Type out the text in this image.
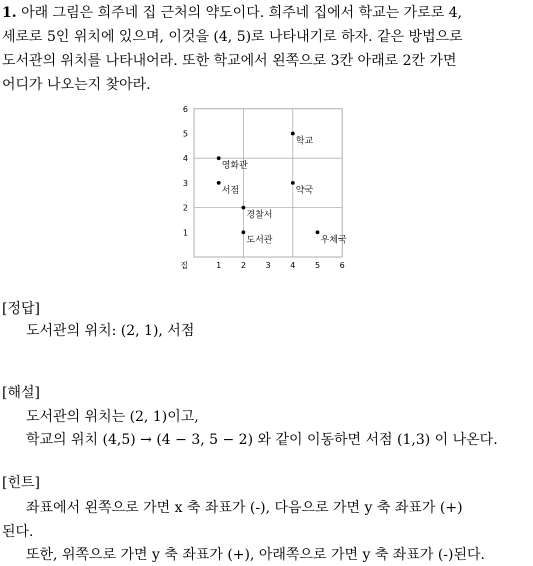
1. 아래 그림은 희주네 집 근처의 약도이다. 희주네 집에서 학교는 가로로 4,
세로로 5인 위치에 있으며, 이것을 (4, 5)로 나타내기로 하자. 같은 방법으로
도서관의 위치를 나타내어라. 또한 학교에서 왼쪽으로 3칸 아래로 2칸 가면
어디가 나오는지 찾아라.
1 2 3 4 5 6
1
2
3
4
5
6
집
학교
영화관
서점	약국
경찰서
도서관	우체국
[정답]
도서관의 위치: (2, 1), 서점
[해설]
도서관의 위치는 (2, 1)이고,
학교의 위치 (4,5) → (4 − 3, 5 − 2) 와 같이 이동하면 서점 (1,3) 이 나온다.
[힌트]
좌표에서 왼쪽으로 가면 x 축 좌표가 (-), 다음으로 가면 y 축 좌표가 (+)
된다.
또한, 위쪽으로 가면 y 축 좌표가 (+), 아래쪽으로 가면 y 축 좌표가 (-)된다.
